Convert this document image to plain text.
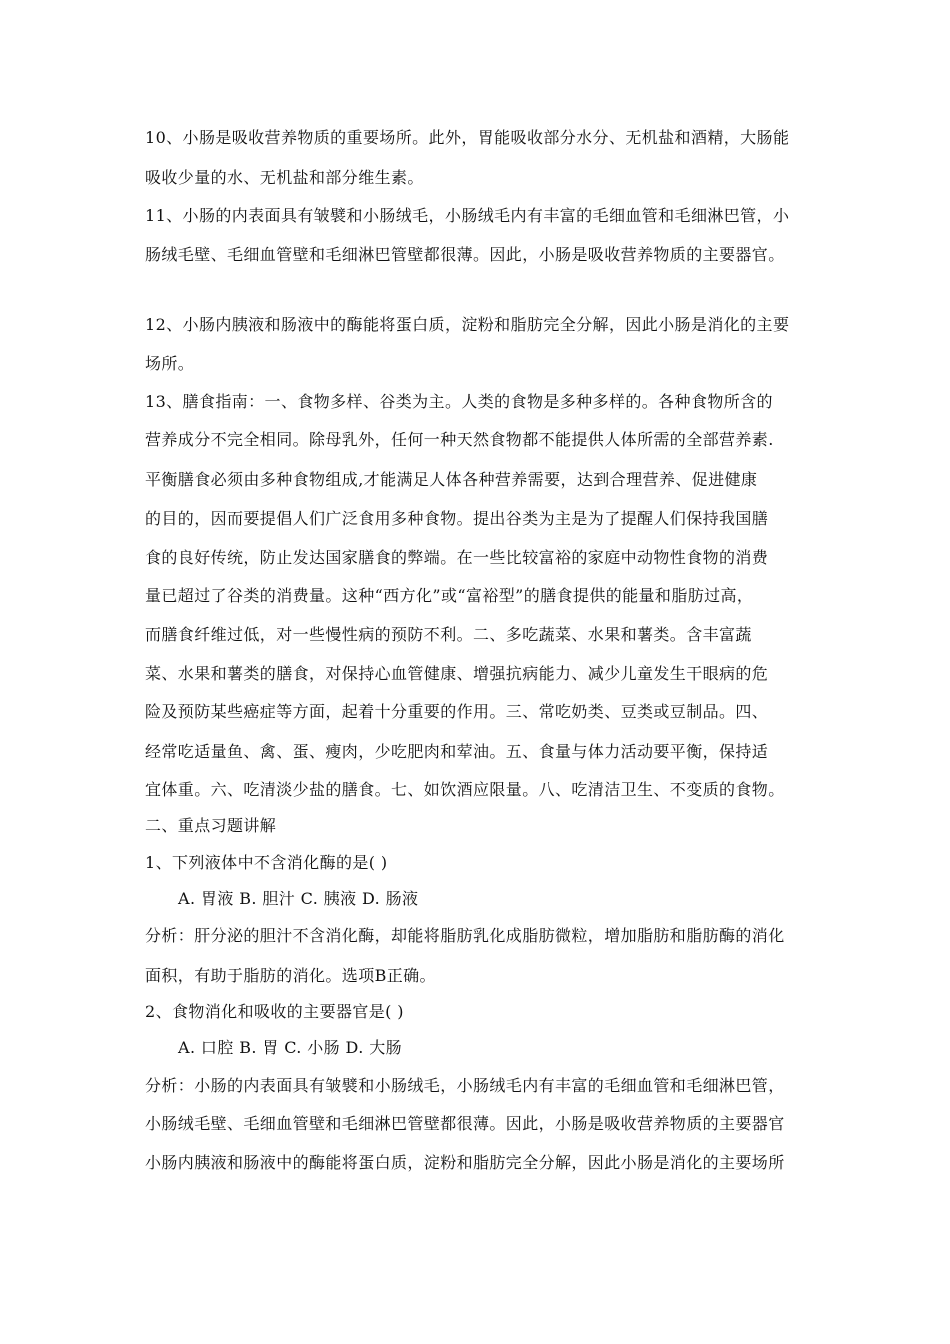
10、小肠是吸收营养物质的重要场所。此外，胃能吸收部分水分、无机盐和酒精，大肠能
吸收少量的水、无机盐和部分维生素。
11、小肠的内表面具有皱襞和小肠绒毛，小肠绒毛内有丰富的毛细血管和毛细淋巴管，小
肠绒毛壁、毛细血管壁和毛细淋巴管壁都很薄。因此，小肠是吸收营养物质的主要器官。
12、小肠内胰液和肠液中的酶能将蛋白质，淀粉和脂肪完全分解，因此小肠是消化的主要
场所。
13、膳食指南：一、食物多样、谷类为主。人类的食物是多种多样的。各种食物所含的
营养成分不完全相同。除母乳外，任何一种天然食物都不能提供人体所需的全部营养素.
平衡膳食必须由多种食物组成,才能满足人体各种营养需要，达到合理营养、促进健康
的目的，因而要提倡人们广泛食用多种食物。提出谷类为主是为了提醒人们保持我国膳
食的良好传统，防止发达国家膳食的弊端。在一些比较富裕的家庭中动物性食物的消费
量已超过了谷类的消费量。这种“西方化”或“富裕型”的膳食提供的能量和脂肪过高，
而膳食纤维过低，对一些慢性病的预防不利。二、多吃蔬菜、水果和薯类。含丰富蔬
菜、水果和薯类的膳食，对保持心血管健康、增强抗病能力、减少儿童发生干眼病的危
险及预防某些癌症等方面，起着十分重要的作用。三、常吃奶类、豆类或豆制品。四、
经常吃适量鱼、禽、蛋、瘦肉，少吃肥肉和荤油。五、食量与体力活动要平衡，保持适
宜体重。六、吃清淡少盐的膳食。七、如饮酒应限量。八、吃清洁卫生、不变质的食物。
二、重点习题讲解
1、下列液体中不含消化酶的是( )
A. 胃液 B. 胆汁 C. 胰液 D. 肠液
分析：肝分泌的胆汁不含消化酶，却能将脂肪乳化成脂肪微粒，增加脂肪和脂肪酶的消化
面积，有助于脂肪的消化。选项B正确。
2、食物消化和吸收的主要器官是( )
A. 口腔 B. 胃 C. 小肠 D. 大肠
分析：小肠的内表面具有皱襞和小肠绒毛，小肠绒毛内有丰富的毛细血管和毛细淋巴管，
小肠绒毛壁、毛细血管壁和毛细淋巴管壁都很薄。因此，小肠是吸收营养物质的主要器官
小肠内胰液和肠液中的酶能将蛋白质，淀粉和脂肪完全分解，因此小肠是消化的主要场所
